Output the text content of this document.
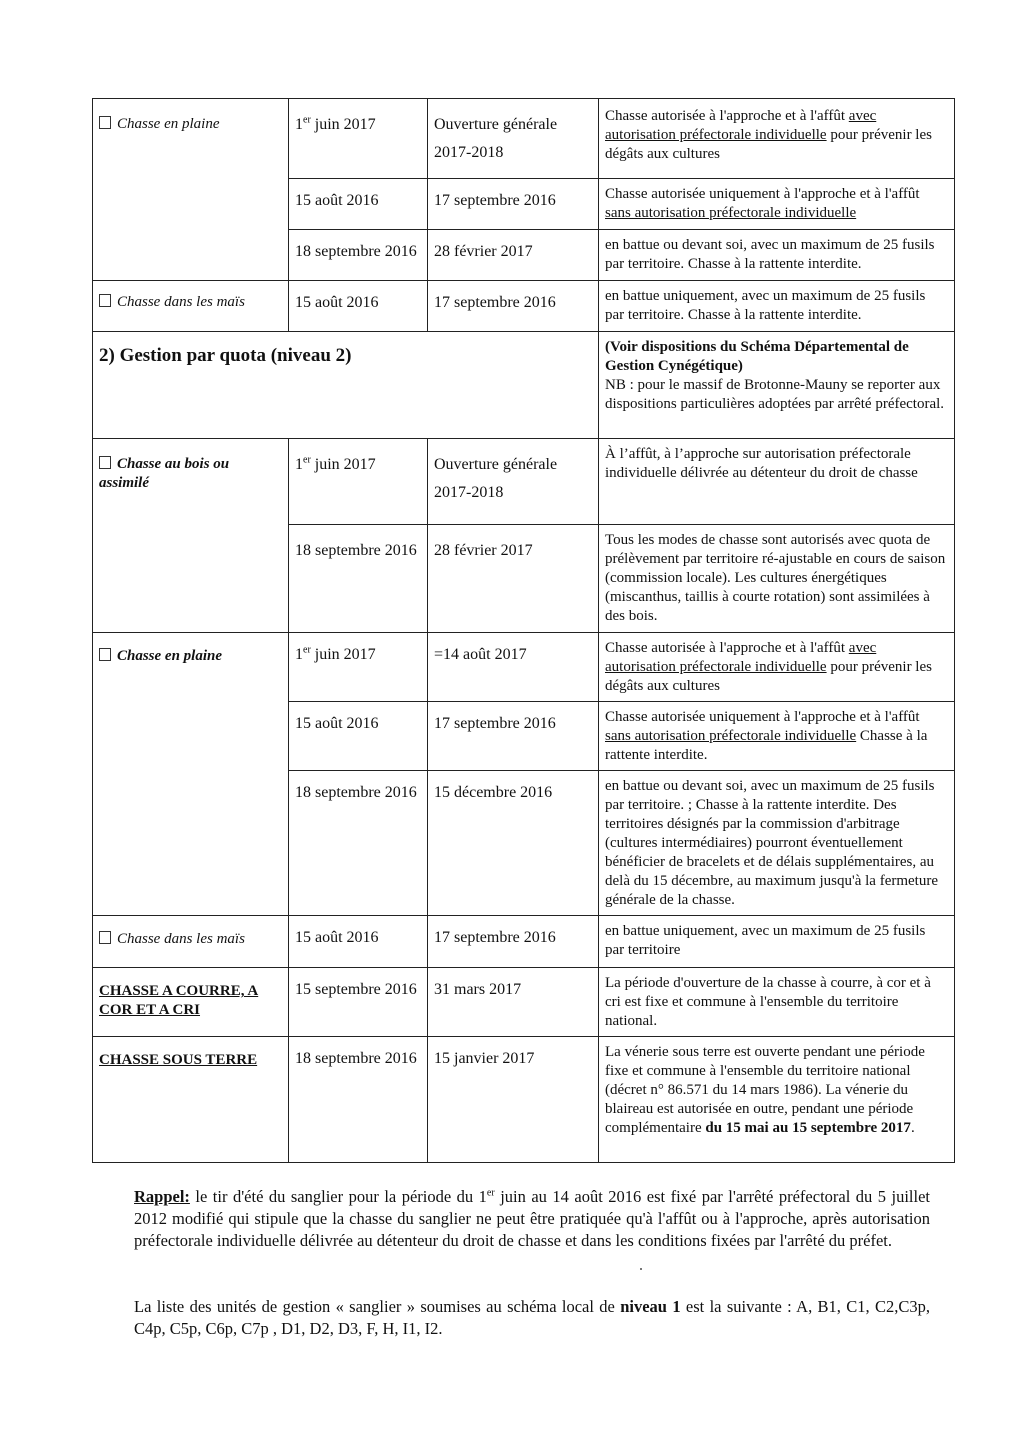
Chasse en plaine	1er juin 2017	Ouverture générale 2017-2018	Chasse autorisée à l'approche et à l'affût avec autorisation préfectorale individuelle pour prévenir les dégâts aux cultures
	15 août 2016	17 septembre 2016	Chasse autorisée uniquement à l'approche et à l'affût sans autorisation préfectorale individuelle
	18 septembre 2016	28 février 2017	en battue ou devant soi, avec un maximum de 25 fusils par territoire. Chasse à la rattente interdite.
Chasse dans les maïs	15 août 2016	17 septembre 2016	en battue uniquement, avec un maximum de 25 fusils par territoire. Chasse à la rattente interdite.
2) Gestion par quota (niveau 2)			(Voir dispositions du Schéma Départemental de Gestion Cynégétique)
NB : pour le massif de Brotonne-Mauny se reporter aux dispositions particulières adoptées par arrêté préfectoral.
Chasse au bois ou assimilé	1er juin 2017	Ouverture générale 2017-2018	À l’affût, à l’approche sur autorisation préfectorale individuelle délivrée au détenteur du droit de chasse
	18 septembre 2016	28 février 2017	Tous les modes de chasse sont autorisés avec quota de prélèvement par territoire ré-ajustable en cours de saison (commission locale). Les cultures énergétiques (miscanthus, taillis à courte rotation) sont assimilées à des bois.
Chasse en plaine	1er juin 2017	=14 août 2017	Chasse autorisée à l'approche et à l'affût avec autorisation préfectorale individuelle pour prévenir les dégâts aux cultures
	15 août 2016	17 septembre 2016	Chasse autorisée uniquement à l'approche et à l'affût sans autorisation préfectorale individuelle Chasse à la rattente interdite.
	18 septembre 2016	15 décembre 2016	en battue ou devant soi, avec un maximum de 25 fusils par territoire. ; Chasse à la rattente interdite. Des territoires désignés par la commission d'arbitrage (cultures intermédiaires) pourront éventuellement bénéficier de bracelets et de délais supplémentaires, au delà du 15 décembre, au maximum jusqu'à la fermeture générale de la chasse.
Chasse dans les maïs	15 août 2016	17 septembre 2016	en battue uniquement, avec un maximum de 25 fusils par territoire
CHASSE A COURRE, A COR ET A CRI	15 septembre 2016	31 mars 2017	La période d'ouverture de la chasse à courre, à cor et à cri est fixe et commune à l'ensemble du territoire national.
CHASSE SOUS TERRE	18 septembre 2016	15 janvier 2017	La vénerie sous terre est ouverte pendant une période fixe et commune à l'ensemble du territoire national (décret n° 86.571 du 14 mars 1986). La vénerie du blaireau est autorisée en outre, pendant une période complémentaire du 15 mai au 15 septembre 2017.
Rappel: le tir d'été du sanglier pour la période du 1er juin au 14 août 2016 est fixé par l'arrêté préfectoral du 5 juillet 2012 modifié qui stipule que la chasse du sanglier ne peut être pratiquée qu'à l'affût ou à l'approche, après autorisation préfectorale individuelle délivrée au détenteur du droit de chasse et dans les conditions fixées par l'arrêté du préfet.
La liste des unités de gestion « sanglier » soumises au schéma local de niveau 1 est la suivante : A, B1, C1, C2,C3p, C4p, C5p, C6p, C7p , D1, D2, D3, F, H, I1, I2.
